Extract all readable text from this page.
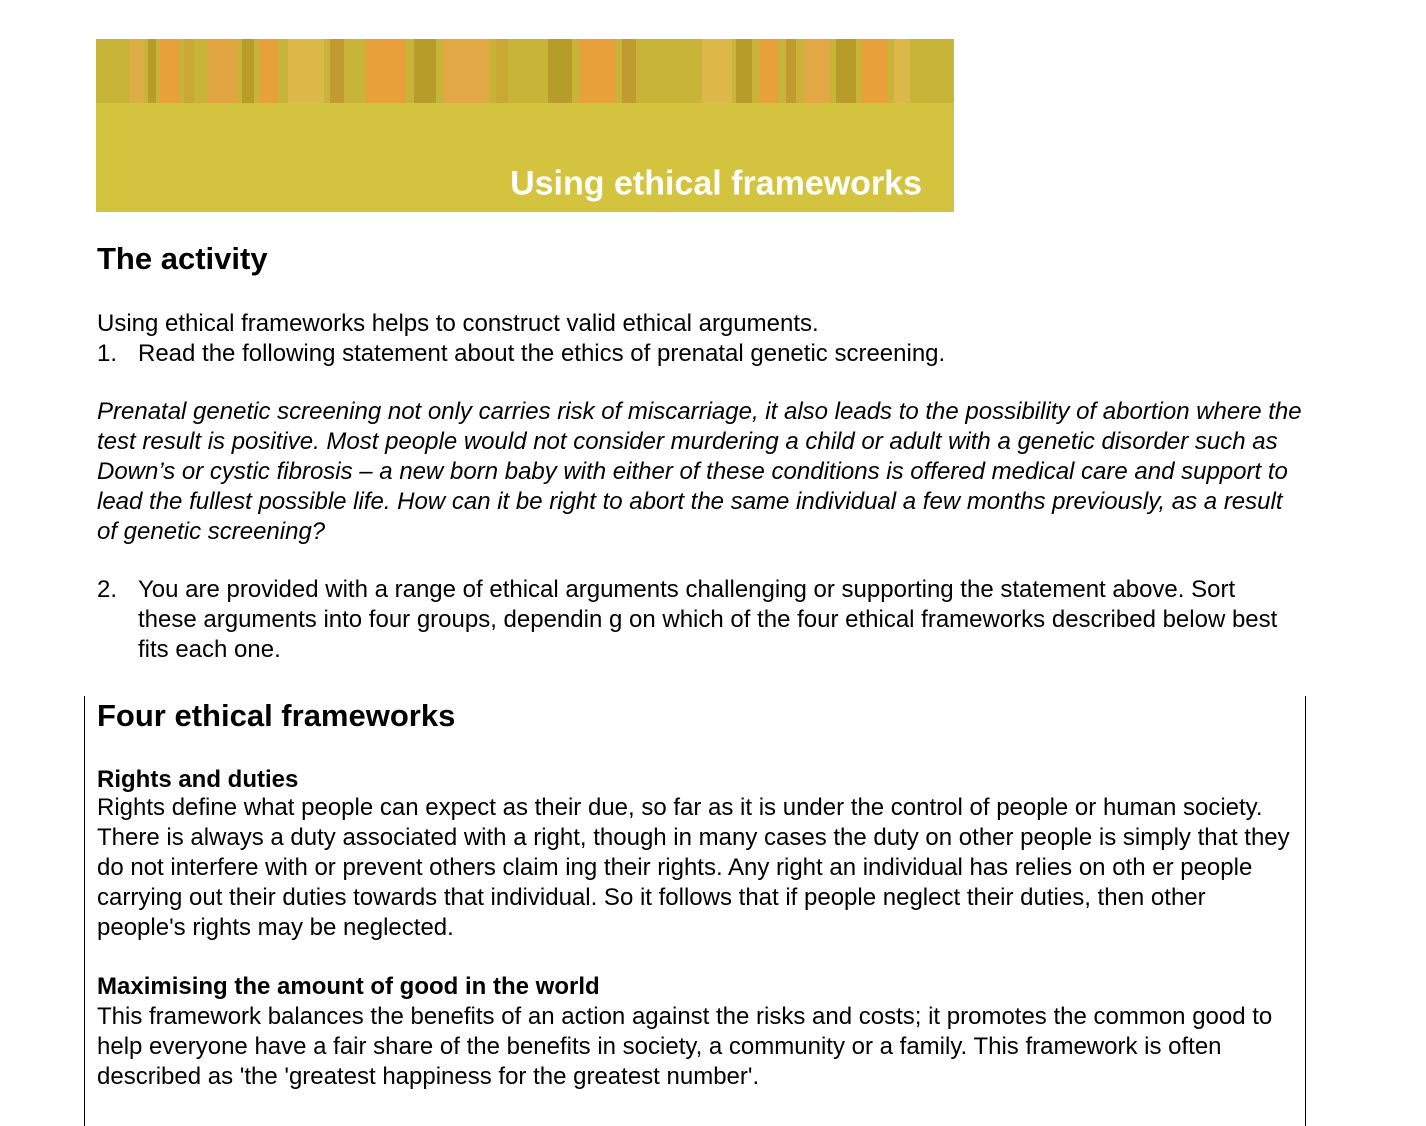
Using ethical frameworks
The activity

Using ethical frameworks helps to construct valid ethical arguments.

1. Read the following statement about the ethics of prenatal genetic screening.

Prenatal genetic screening not only carries risk of miscarriage, it also leads to the possibility of abortion where the test result is positive. Most people would not consider murdering a child or adult with a genetic disorder such as Down’s or cystic fibrosis – a new born baby with either of these conditions is offered medical care and support to lead the fullest possible life. How can it be right to abort the same individual a few months previously, as a result of genetic screening?

2. You are provided with a range of ethical arguments challenging or supporting the statement above. Sort these arguments into four groups, dependin g on which of the four ethical frameworks described below best fits each one.

Four ethical frameworks
Rights and duties

Rights define what people can expect as their due, so far as it is under the control of people or human society. There is always a duty associated with a right, though in many cases the duty on other people is simply that they do not interfere with or prevent others claim ing their rights. Any right an individual has relies on oth er people carrying out their duties towards that individual. So it follows that if people neglect their duties, then other people's rights may be neglected.

Maximising the amount of good in the world

This framework balances the benefits of an action against the risks and costs; it promotes the common good to help everyone have a fair share of the benefits in society, a community or a family. This framework is often described as 'the 'greatest happiness for the greatest number'.
